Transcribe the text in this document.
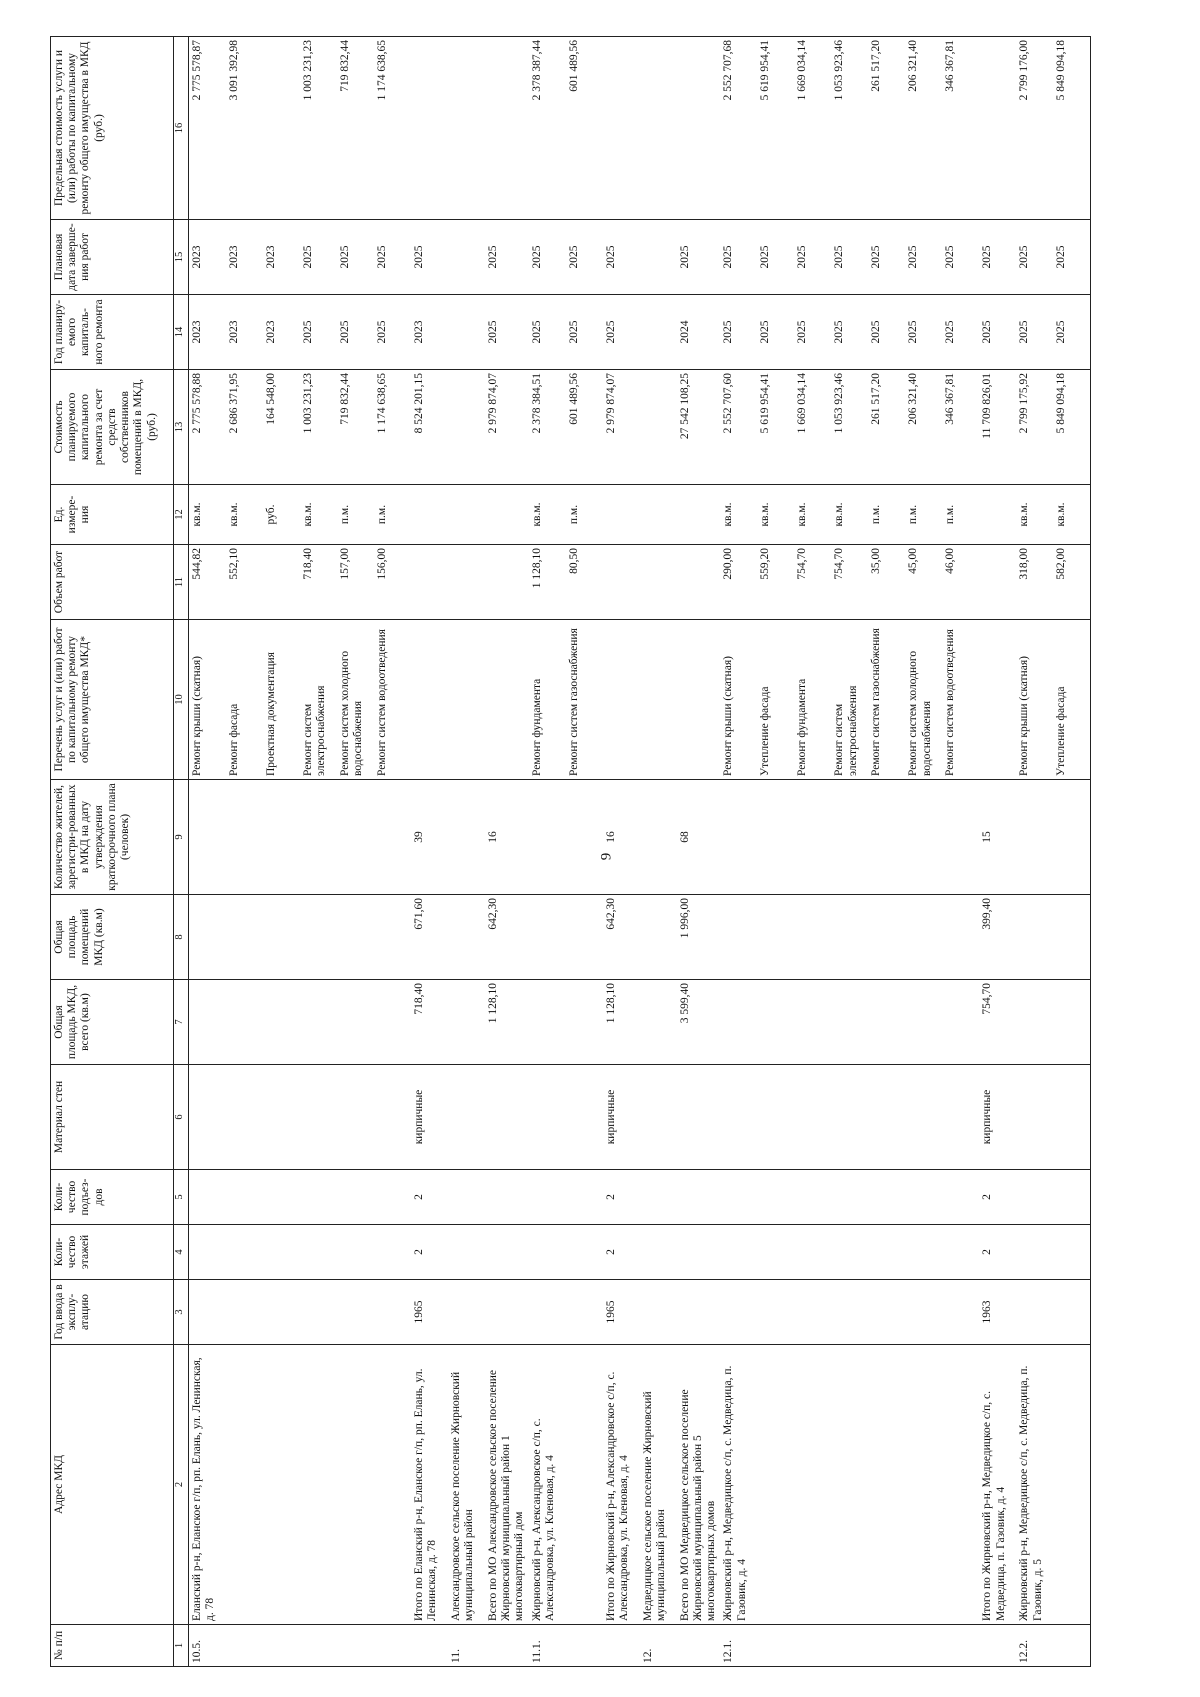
9
№ п/п	Адрес МКД	Год ввода в эксплу-атацию	Коли-чество этажей	Коли-чество подъез-дов	Материал стен	Общая площадь МКД, всего (кв.м)	Общая площадь помещений МКД (кв.м)	Количество жителей, зарегистри-рованных в МКД на дату утверждения краткосрочного плана (человек)	Перечень услуг и (или) работ по капитальному ремонту общего имущества МКД*	Объем работ	Ед. измере-ния	Стоимость планируемого капитального ремонта за счет средств собственников помещений в МКД, (руб.)	Год планиру-емого капиталь-ного ремонта	Плановая дата заверше-ния работ	Предельная стоимость услуги и (или) работы по капитальному ремонту общего имущества в МКД (руб.)
1	2	3	4	5	6	7	8	9	10	11	12	13	14	15	16
10.5.	Еланский р-н, Еланское г/п, рп. Елань, ул. Ленинская, д. 78								Ремонт крыши (скатная)	544,82	кв.м.	2 775 578,88	2023	2023	2 775 578,87
									Ремонт фасада	552,10	кв.м.	2 686 371,95	2023	2023	3 091 392,98
									Проектная документация		руб.	164 548,00	2023	2023	
									Ремонт систем электроснабжения	718,40	кв.м.	1 003 231,23	2025	2025	1 003 231,23
									Ремонт систем холодного водоснабжения	157,00	п.м.	719 832,44	2025	2025	719 832,44
									Ремонт систем водоотведения	156,00	п.м.	1 174 638,65	2025	2025	1 174 638,65
	Итого по Еланский р-н, Еланское г/п, рп. Елань, ул. Ленинская, д. 78	1965	2	2	кирпичные	718,40	671,60	39				8 524 201,15	2023	2025	
11.	Александровское сельское поселение Жирновский муниципальный район														
	Всего по МО Александровское сельское поселение Жирновский муниципальный район 1 многоквартирный дом					1 128,10	642,30	16				2 979 874,07	2025	2025	
11.1.	Жирновский р-н, Александровское с/п, с. Александровка, ул. Кленовая, д. 4								Ремонт фундамента	1 128,10	кв.м.	2 378 384,51	2025	2025	2 378 387,44
									Ремонт систем газоснабжения	80,50	п.м.	601 489,56	2025	2025	601 489,56
	Итого по Жирновский р-н, Александровское с/п, с. Александровка, ул. Кленовая, д. 4	1965	2	2	кирпичные	1 128,10	642,30	16				2 979 874,07	2025	2025	
12.	Медведицкое сельское поселение Жирновский муниципальный район														
	Всего по МО Медведицкое сельское поселение Жирновский муниципальный район 5 многоквартирных домов					3 599,40	1 996,00	68				27 542 108,25	2024	2025	
12.1.	Жирновский р-н, Медведицкое с/п, с. Медведица, п. Газовик, д. 4								Ремонт крыши (скатная)	290,00	кв.м.	2 552 707,60	2025	2025	2 552 707,68
									Утепление фасада	559,20	кв.м.	5 619 954,41	2025	2025	5 619 954,41
									Ремонт фундамента	754,70	кв.м.	1 669 034,14	2025	2025	1 669 034,14
									Ремонт систем электроснабжения	754,70	кв.м.	1 053 923,46	2025	2025	1 053 923,46
									Ремонт систем газоснабжения	35,00	п.м.	261 517,20	2025	2025	261 517,20
									Ремонт систем холодного водоснабжения	45,00	п.м.	206 321,40	2025	2025	206 321,40
									Ремонт систем водоотведения	46,00	п.м.	346 367,81	2025	2025	346 367,81
	Итого по Жирновский р-н, Медведицкое с/п, с. Медведица, п. Газовик, д. 4	1963	2	2	кирпичные	754,70	399,40	15				11 709 826,01	2025	2025	
12.2.	Жирновский р-н, Медведицкое с/п, с. Медведица, п. Газовик, д. 5								Ремонт крыши (скатная)	318,00	кв.м.	2 799 175,92	2025	2025	2 799 176,00
									Утепление фасада	582,00	кв.м.	5 849 094,18	2025	2025	5 849 094,18
